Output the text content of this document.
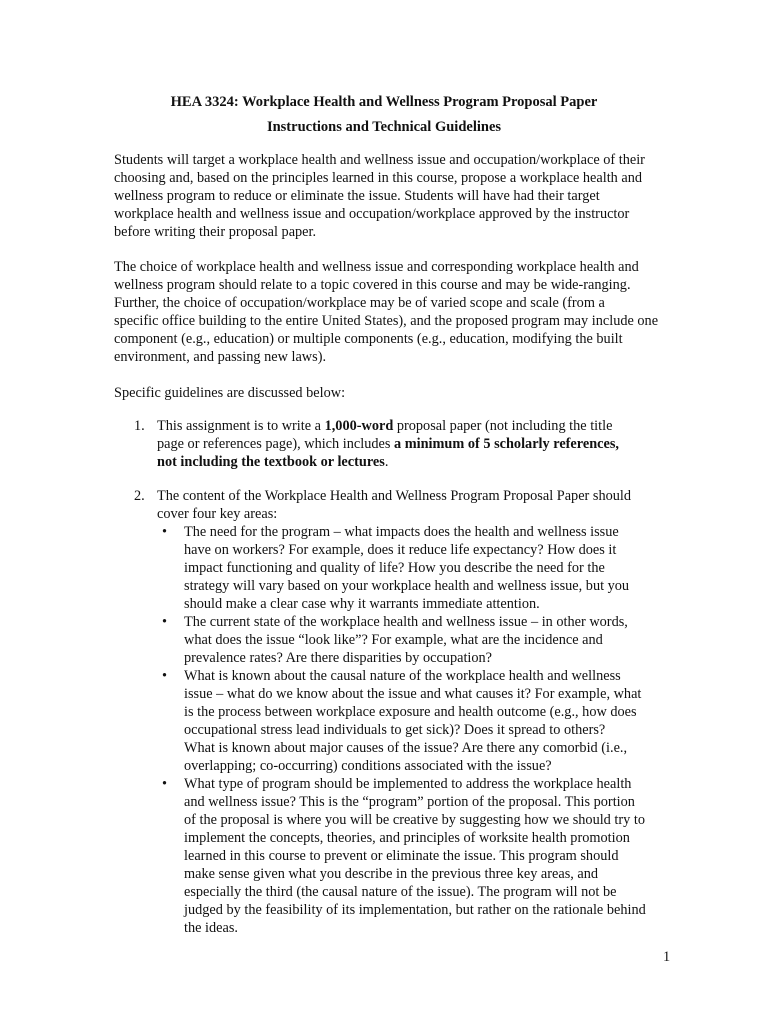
HEA 3324: Workplace Health and Wellness Program Proposal Paper
Instructions and Technical Guidelines
Students will target a workplace health and wellness issue and occupation/workplace of their
choosing and, based on the principles learned in this course, propose a workplace health and
wellness program to reduce or eliminate the issue. Students will have had their target
workplace health and wellness issue and occupation/workplace approved by the instructor
before writing their proposal paper.
The choice of workplace health and wellness issue and corresponding workplace health and
wellness program should relate to a topic covered in this course and may be wide-ranging.
Further, the choice of occupation/workplace may be of varied scope and scale (from a
specific office building to the entire United States), and the proposed program may include one
component (e.g., education) or multiple components (e.g., education, modifying the built
environment, and passing new laws).
Specific guidelines are discussed below:
1. This assignment is to write a 1,000-word proposal paper (not including the title
page or references page), which includes a minimum of 5 scholarly references,
not including the textbook or lectures.
2. The content of the Workplace Health and Wellness Program Proposal Paper should
cover four key areas:
• The need for the program – what impacts does the health and wellness issue
have on workers? For example, does it reduce life expectancy? How does it
impact functioning and quality of life? How you describe the need for the
strategy will vary based on your workplace health and wellness issue, but you
should make a clear case why it warrants immediate attention.
• The current state of the workplace health and wellness issue – in other words,
what does the issue “look like”? For example, what are the incidence and
prevalence rates? Are there disparities by occupation?
• What is known about the causal nature of the workplace health and wellness
issue – what do we know about the issue and what causes it? For example, what
is the process between workplace exposure and health outcome (e.g., how does
occupational stress lead individuals to get sick)? Does it spread to others?
What is known about major causes of the issue? Are there any comorbid (i.e.,
overlapping; co-occurring) conditions associated with the issue?
• What type of program should be implemented to address the workplace health
and wellness issue? This is the “program” portion of the proposal. This portion
of the proposal is where you will be creative by suggesting how we should try to
implement the concepts, theories, and principles of worksite health promotion
learned in this course to prevent or eliminate the issue. This program should
make sense given what you describe in the previous three key areas, and
especially the third (the causal nature of the issue). The program will not be
judged by the feasibility of its implementation, but rather on the rationale behind
the ideas.
1
